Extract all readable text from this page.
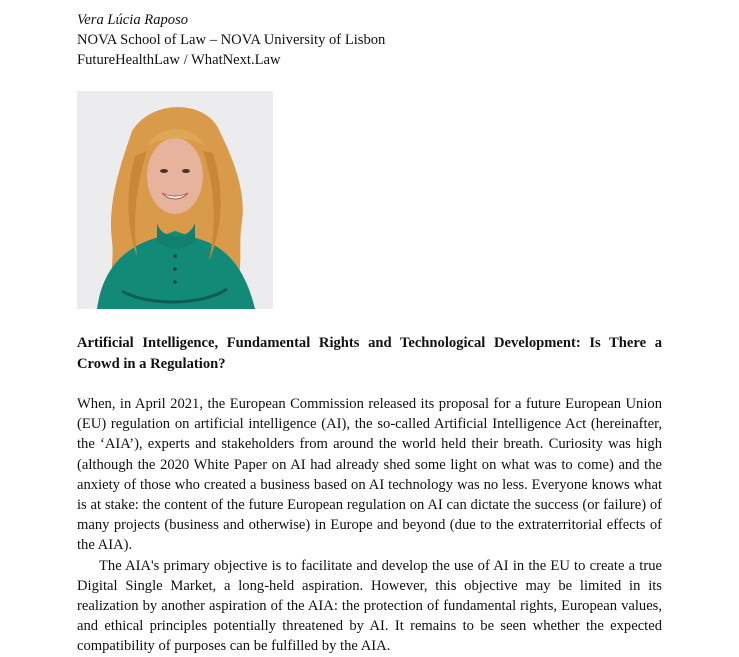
Vera Lúcia Raposo
NOVA School of Law – NOVA University of Lisbon
FutureHealthLaw / WhatNext.Law
Artificial Intelligence, Fundamental Rights and Technological Development: Is There a Crowd in a Regulation?

When, in April 2021, the European Commission released its proposal for a future European Union (EU) regulation on artificial intelligence (AI), the so-called Artificial Intelligence Act (hereinafter, the ‘AIA’), experts and stakeholders from around the world held their breath. Curiosity was high (although the 2020 White Paper on AI had already shed some light on what was to come) and the anxiety of those who created a business based on AI technology was no less. Everyone knows what is at stake: the content of the future European regulation on AI can dictate the success (or failure) of many projects (business and otherwise) in Europe and beyond (due to the extraterritorial effects of the AIA).

The AIA's primary objective is to facilitate and develop the use of AI in the EU to create a true Digital Single Market, a long-held aspiration. However, this objective may be limited in its realization by another aspiration of the AIA: the protection of fundamental rights, European values, and ethical principles potentially threatened by AI. It remains to be seen whether the expected compatibility of purposes can be fulfilled by the AIA.
